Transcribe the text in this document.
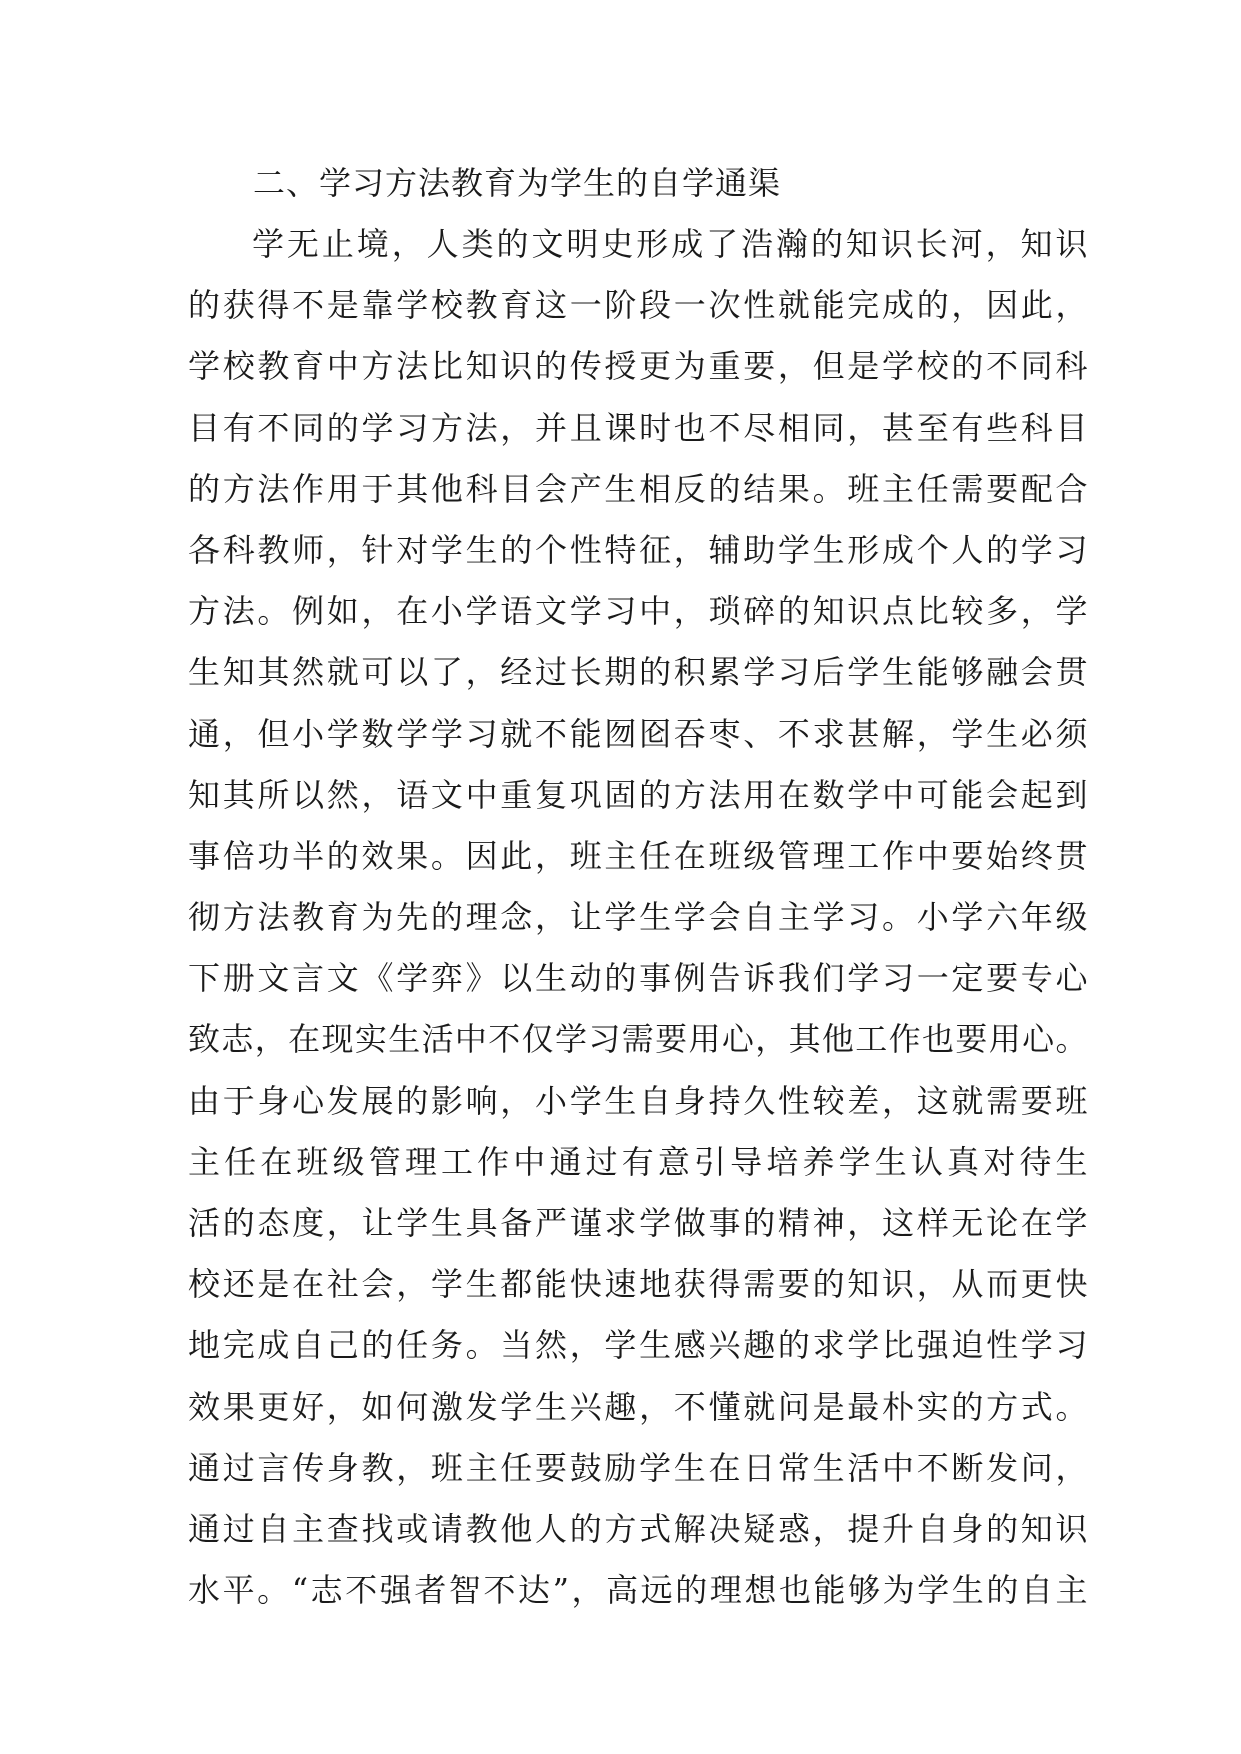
二、学习方法教育为学生的自学通渠
学无止境，人类的文明史形成了浩瀚的知识长河，知识
的获得不是靠学校教育这一阶段一次性就能完成的，因此，
学校教育中方法比知识的传授更为重要，但是学校的不同科
目有不同的学习方法，并且课时也不尽相同，甚至有些科目
的方法作用于其他科目会产生相反的结果。班主任需要配合
各科教师，针对学生的个性特征，辅助学生形成个人的学习
方法。例如，在小学语文学习中，琐碎的知识点比较多，学
生知其然就可以了，经过长期的积累学习后学生能够融会贯
通，但小学数学学习就不能囫囵吞枣、不求甚解，学生必须
知其所以然，语文中重复巩固的方法用在数学中可能会起到
事倍功半的效果。因此，班主任在班级管理工作中要始终贯
彻方法教育为先的理念，让学生学会自主学习。小学六年级
下册文言文《学弈》以生动的事例告诉我们学习一定要专心
致志，在现实生活中不仅学习需要用心，其他工作也要用心。
由于身心发展的影响，小学生自身持久性较差，这就需要班
主任在班级管理工作中通过有意引导培养学生认真对待生
活的态度，让学生具备严谨求学做事的精神，这样无论在学
校还是在社会，学生都能快速地获得需要的知识，从而更快
地完成自己的任务。当然，学生感兴趣的求学比强迫性学习
效果更好，如何激发学生兴趣，不懂就问是最朴实的方式。
通过言传身教，班主任要鼓励学生在日常生活中不断发问，
通过自主查找或请教他人的方式解决疑惑，提升自身的知识
水平。“志不强者智不达”，高远的理想也能够为学生的自主
